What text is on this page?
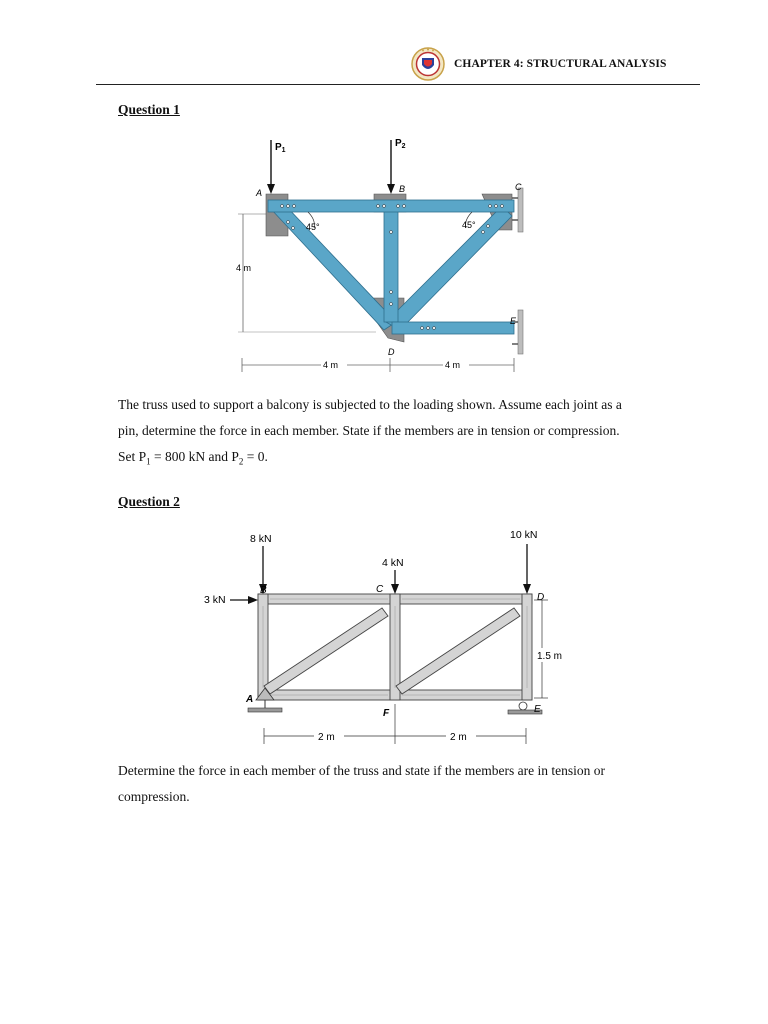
CHAPTER 4: STRUCTURAL ANALYSIS
Question 1
4 m
4 m	4 m
45°	45°
$P_1$
$P_2$
A	B	C
D
E
The truss used to support a balcony is subjected to the loading shown. Assume each joint as a
pin, determine the force in each member. State if the members are in tension or compression.
Set $P_1 = 800$ kN and $P_2 = 0$.
Question 2
2 m	2 m
1.5 m
8 kN
4 kN
10 kN
3 kN
B	C
D
A
F	E
Determine the force in each member of the truss and state if the members are in tension or
compression.
